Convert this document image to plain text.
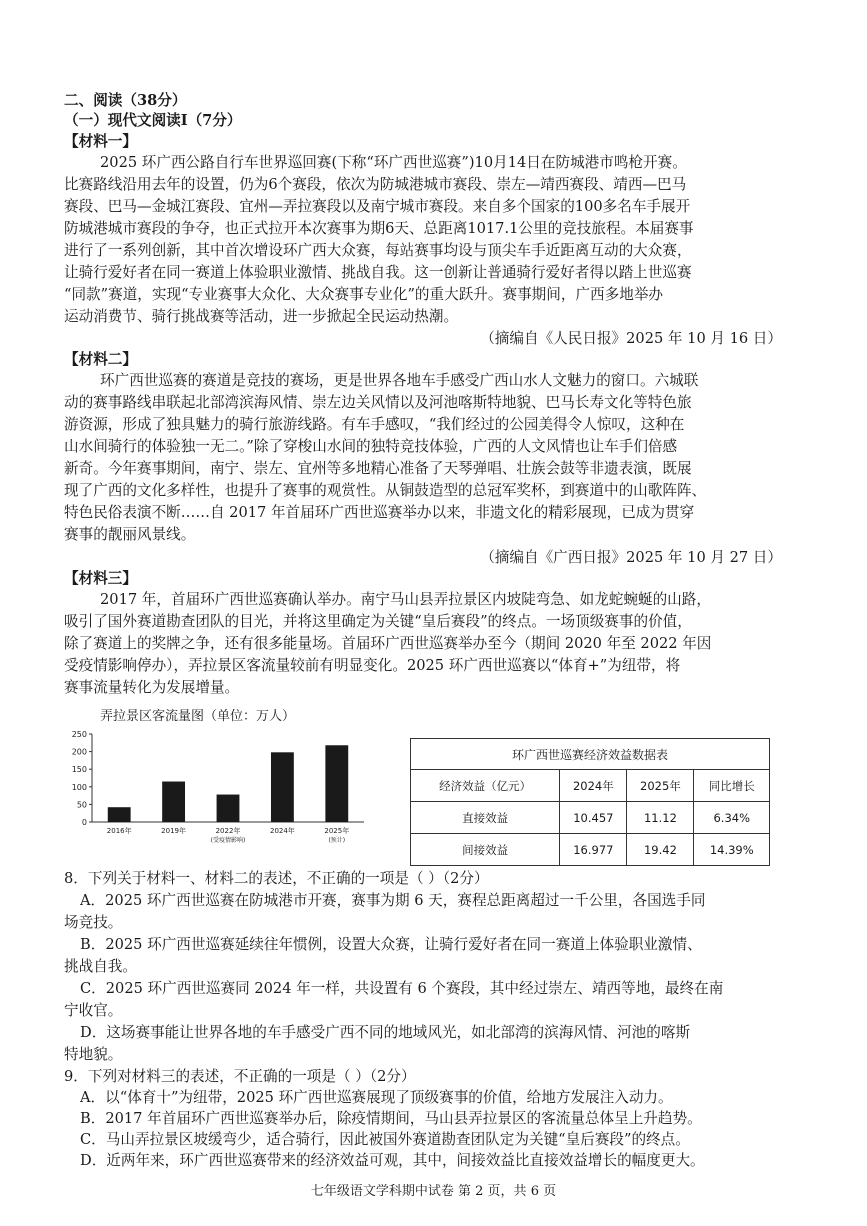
二、阅读（38分）
（一）现代文阅读Ⅰ（7分）
【材料一】
2025 环广西公路自行车世界巡回赛(下称“环广西世巡赛”)10月14日在防城港市鸣枪开赛。
比赛路线沿用去年的设置，仍为6个赛段，依次为防城港城市赛段、崇左—靖西赛段、靖西—巴马
赛段、巴马—金城江赛段、宜州—弄拉赛段以及南宁城市赛段。来自多个国家的100多名车手展开
防城港城市赛段的争夺，也正式拉开本次赛事为期6天、总距离1017.1公里的竞技旅程。本届赛事
进行了一系列创新，其中首次增设环广西大众赛，每站赛事均设与顶尖车手近距离互动的大众赛，
让骑行爱好者在同一赛道上体验职业激情、挑战自我。这一创新让普通骑行爱好者得以踏上世巡赛
“同款”赛道，实现“专业赛事大众化、大众赛事专业化”的重大跃升。赛事期间，广西多地举办
运动消费节、骑行挑战赛等活动，进一步掀起全民运动热潮。
（摘编自《人民日报》2025 年 10 月 16 日）
【材料二】
环广西世巡赛的赛道是竞技的赛场，更是世界各地车手感受广西山水人文魅力的窗口。六城联
动的赛事路线串联起北部湾滨海风情、崇左边关风情以及河池喀斯特地貌、巴马长寿文化等特色旅
游资源，形成了独具魅力的骑行旅游线路。有车手感叹，“我们经过的公园美得令人惊叹，这种在
山水间骑行的体验独一无二。”除了穿梭山水间的独特竞技体验，广西的人文风情也让车手们倍感
新奇。今年赛事期间，南宁、崇左、宜州等多地精心准备了天琴弹唱、壮族会鼓等非遗表演，既展
现了广西的文化多样性，也提升了赛事的观赏性。从铜鼓造型的总冠军奖杯，到赛道中的山歌阵阵、
特色民俗表演不断……自 2017 年首届环广西世巡赛举办以来，非遗文化的精彩展现，已成为贯穿
赛事的靓丽风景线。
（摘编自《广西日报》2025 年 10 月 27 日）
【材料三】
2017 年，首届环广西世巡赛确认举办。南宁马山县弄拉景区内坡陡弯急、如龙蛇蜿蜒的山路，
吸引了国外赛道勘查团队的目光，并将这里确定为关键“皇后赛段”的终点。一场顶级赛事的价值，
除了赛道上的奖牌之争，还有很多能量场。首届环广西世巡赛举办至今（期间 2020 年至 2022 年因
受疫情影响停办），弄拉景区客流量较前有明显变化。2025 环广西世巡赛以“体育+”为纽带，将
赛事流量转化为发展增量。
弄拉景区客流量图（单位：万人）
0
50
100
150
200
250
2016年	2019年	2022年
(受疫情影响)
2024年	2025年
(预计)
环广西世巡赛经济效益数据表			
经济效益（亿元）	2024年	2025年	同比增长
直接效益	10.457	11.12	6.34%
间接效益	16.977	19.42	14.39%
8．下列关于材料一、材料二的表述，不正确的一项是（ ）（2分）
A．2025 环广西世巡赛在防城港市开赛，赛事为期 6 天，赛程总距离超过一千公里，各国选手同
场竞技。
B．2025 环广西世巡赛延续往年惯例，设置大众赛，让骑行爱好者在同一赛道上体验职业激情、
挑战自我。
C．2025 环广西世巡赛同 2024 年一样，共设置有 6 个赛段，其中经过崇左、靖西等地，最终在南
宁收官。
D．这场赛事能让世界各地的车手感受广西不同的地域风光，如北部湾的滨海风情、河池的喀斯
特地貌。
9．下列对材料三的表述，不正确的一项是（ ）（2分）
A．以“体育十”为纽带，2025 环广西世巡赛展现了顶级赛事的价值，给地方发展注入动力。
B．2017 年首届环广西世巡赛举办后，除疫情期间，马山县弄拉景区的客流量总体呈上升趋势。
C．马山弄拉景区坡缓弯少，适合骑行，因此被国外赛道勘查团队定为关键“皇后赛段”的终点。
D．近两年来，环广西世巡赛带来的经济效益可观，其中，间接效益比直接效益增长的幅度更大。
七年级语文学科期中试卷 第 2 页，共 6 页
